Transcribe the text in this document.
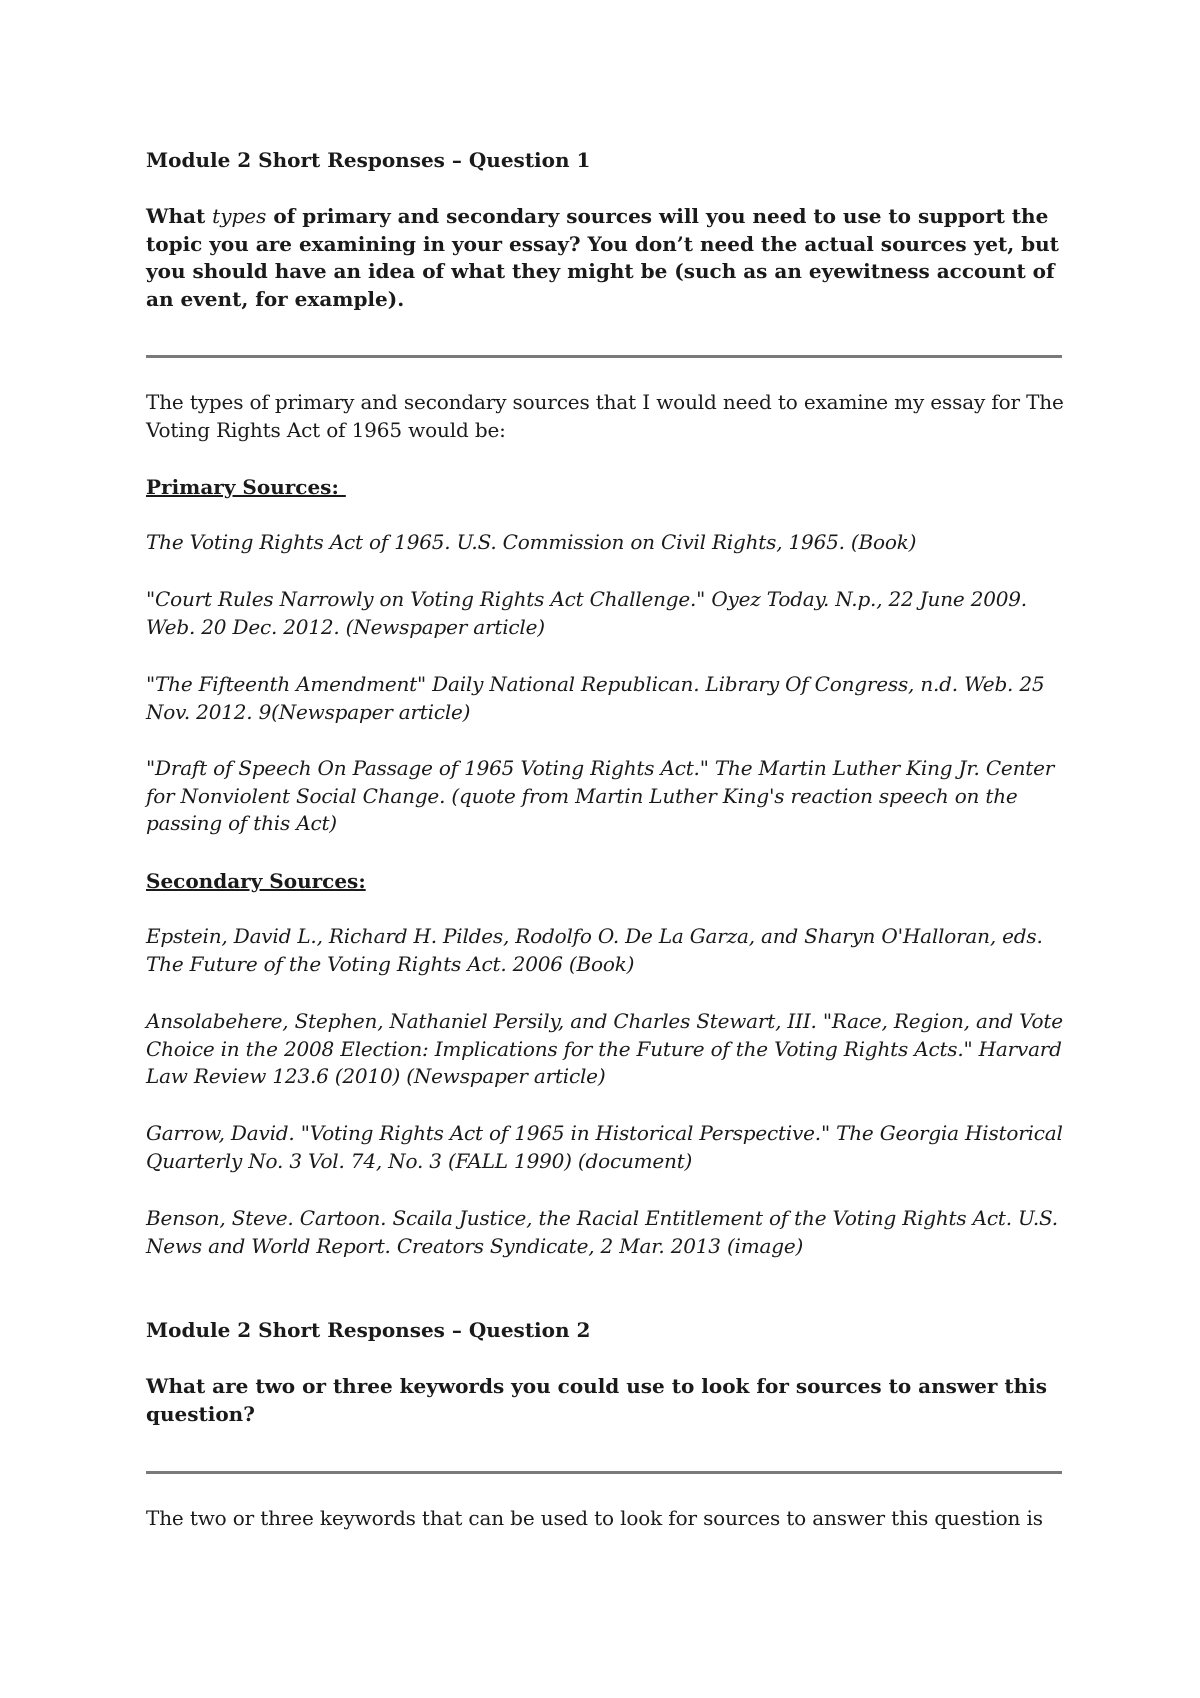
Module 2 Short Responses – Question 1
What types of primary and secondary sources will you need to use to support the topic you are examining in your essay? You don’t need the actual sources yet, but you should have an idea of what they might be (such as an eyewitness account of an event, for example).
The types of primary and secondary sources that I would need to examine my essay for The Voting Rights Act of 1965 would be:
Primary Sources:
The Voting Rights Act of 1965. U.S. Commission on Civil Rights, 1965. (Book)
"Court Rules Narrowly on Voting Rights Act Challenge." Oyez Today. N.p., 22 June 2009. Web. 20 Dec. 2012. (Newspaper article)
"The Fifteenth Amendment" Daily National Republican. Library Of Congress, n.d. Web. 25 Nov. 2012. 9(Newspaper article)
"Draft of Speech On Passage of 1965 Voting Rights Act." The Martin Luther King Jr. Center for Nonviolent Social Change. (quote from Martin Luther King's reaction speech on the passing of this Act)
Secondary Sources:
Epstein, David L., Richard H. Pildes, Rodolfo O. De La Garza, and Sharyn O'Halloran, eds. The Future of the Voting Rights Act. 2006 (Book)
Ansolabehere, Stephen, Nathaniel Persily, and Charles Stewart, III. "Race, Region, and Vote Choice in the 2008 Election: Implications for the Future of the Voting Rights Acts." Harvard Law Review 123.6 (2010) (Newspaper article)
Garrow, David. "Voting Rights Act of 1965 in Historical Perspective." The Georgia Historical Quarterly No. 3 Vol. 74, No. 3 (FALL 1990) (document)
Benson, Steve. Cartoon. Scaila Justice, the Racial Entitlement of the Voting Rights Act. U.S. News and World Report. Creators Syndicate, 2 Mar. 2013 (image)
Module 2 Short Responses – Question 2
What are two or three keywords you could use to look for sources to answer this question?
The two or three keywords that can be used to look for sources to answer this question is
